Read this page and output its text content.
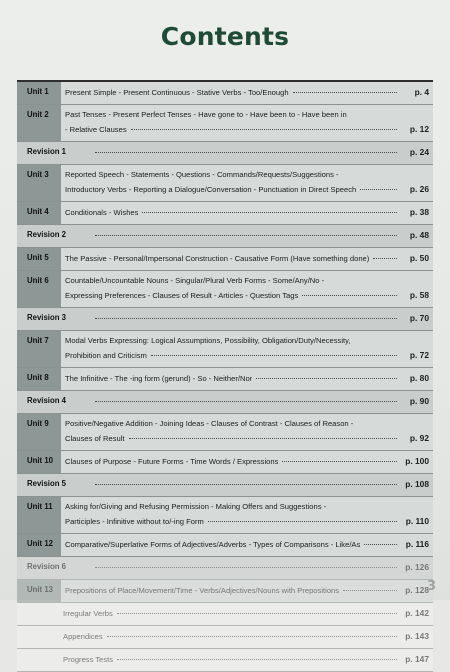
Contents
Unit 1	Present Simple - Present Continuous - Stative Verbs - Too/Enough	p. 4
Unit 2	Past Tenses - Present Perfect Tenses - Have gone to - Have been to - Have been in
- Relative Clauses	p. 12
Revision 1	p. 24
Unit 3	Reported Speech - Statements - Questions - Commands/Requests/Suggestions -
Introductory Verbs - Reporting a Dialogue/Conversation - Punctuation in Direct Speech	p. 26
Unit 4	Conditionals - Wishes	p. 38
Revision 2	p. 48
Unit 5	The Passive - Personal/Impersonal Construction - Causative Form (Have something done)	p. 50
Unit 6	Countable/Uncountable Nouns - Singular/Plural Verb Forms - Some/Any/No -
Expressing Preferences - Clauses of Result - Articles - Question Tags	p. 58
Revision 3	p. 70
Unit 7	Modal Verbs Expressing: Logical Assumptions, Possibility, Obligation/Duty/Necessity,
Prohibition and Criticism	p. 72
Unit 8	The Infinitive - The -ing form (gerund) - So - Neither/Nor	p. 80
Revision 4	p. 90
Unit 9	Positive/Negative Addition - Joining Ideas - Clauses of Contrast - Clauses of Reason -
Clauses of Result	p. 92
Unit 10	Clauses of Purpose - Future Forms - Time Words / Expressions	p. 100
Revision 5	p. 108
Unit 11	Asking for/Giving and Refusing Permission - Making Offers and Suggestions -
Participles - Infinitive without to/-ing Form	p. 110
Unit 12	Comparative/Superlative Forms of Adjectives/Adverbs - Types of Comparisons - Like/As	p. 116
Revision 6	p. 126
Unit 13	Prepositions of Place/Movement/Time - Verbs/Adjectives/Nouns with Prepositions	p. 128
Irregular Verbs	p. 142
Appendices	p. 143
Progress Tests	p. 147
3
